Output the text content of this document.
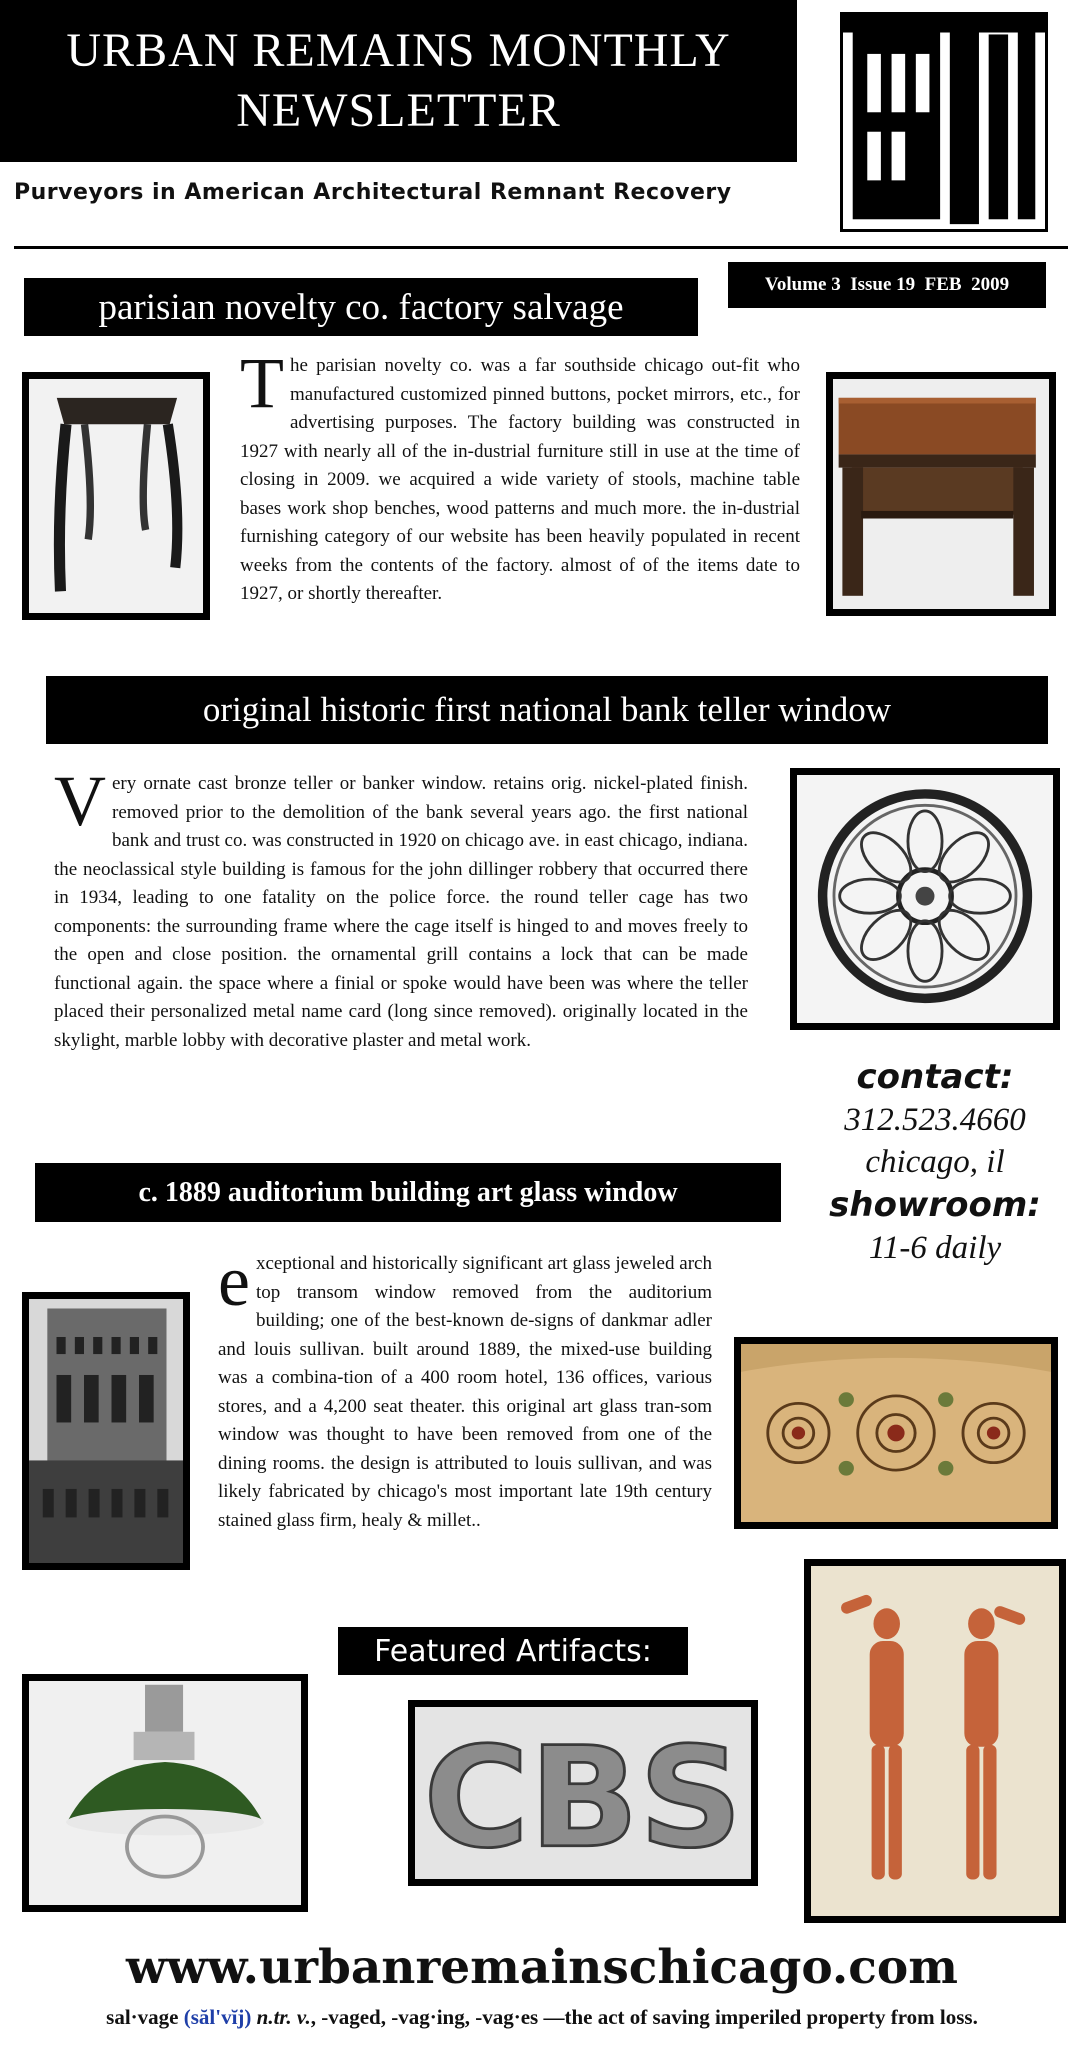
URBAN REMAINS MONTHLY
NEWSLETTER
Purveyors in American Architectural Remnant Recovery
Volume 3  Issue 19  FEB  2009
parisian novelty co. factory salvage
The parisian novelty co. was a far southside chicago out-fit who manufactured customized pinned buttons, pocket mirrors, etc., for advertising purposes. The factory building was constructed in 1927 with nearly all of the in-dustrial furniture still in use at the time of closing in 2009. we acquired a wide variety of stools, machine table bases work shop benches, wood patterns and much more. the in-dustrial furnishing category of our website has been heavily populated in recent weeks from the contents of the factory. almost of of the items date to 1927, or shortly thereafter.
original historic first national bank teller window
Very ornate cast bronze teller or banker window. retains orig. nickel-plated finish. removed prior to the demolition of the bank several years ago. the first national bank and trust co. was constructed in 1920 on chicago ave. in east chicago, indiana. the neoclassical style building is famous for the john dillinger robbery that occurred there in 1934, leading to one fatality on the police force. the round teller cage has two components: the surrounding frame where the cage itself is hinged to and moves freely to the open and close position. the ornamental grill contains a lock that can be made functional again. the space where a finial or spoke would have been was where the teller placed their personalized metal name card (long since removed). originally located in the skylight, marble lobby with decorative plaster and metal work.
contact:
312.523.4660
chicago, il
showroom:
11-6 daily
c. 1889 auditorium building art glass window
exceptional and historically significant art glass jeweled arch top transom window removed from the auditorium building; one of the best-known de-signs of dankmar adler and louis sullivan. built around 1889, the mixed-use building was a combina-tion of a 400 room hotel, 136 offices, various stores, and a 4,200 seat theater. this original art glass tran-som window was thought to have been removed from one of the dining rooms. the design is attributed to louis sullivan, and was likely fabricated by chicago's most important late 19th century stained glass firm, healy & millet..
Featured Artifacts:
CBS
www.urbanremainschicago.com
sal·vage (săl'vĭj) n.tr. v., -vaged, -vag·ing, -vag·es —the act of saving imperiled property from loss.
